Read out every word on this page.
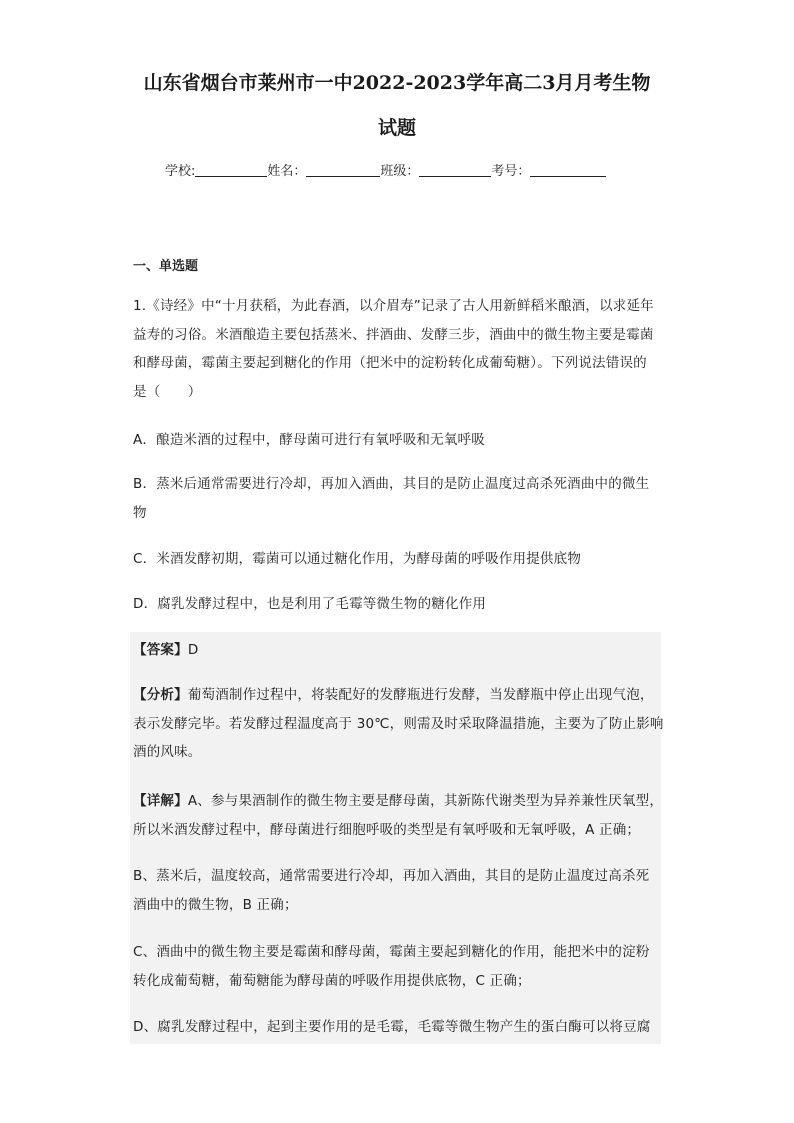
山东省烟台市莱州市一中2022-2023学年高二3月月考生物
试题
学校:	姓名：	班级：	考号：
一、单选题
1.《诗经》中“十月获稻，为此春酒，以介眉寿”记录了古人用新鲜稻米酿酒，以求延年
益寿的习俗。米酒酿造主要包括蒸米、拌酒曲、发酵三步，酒曲中的微生物主要是霉菌
和酵母菌，霉菌主要起到糖化的作用（把米中的淀粉转化成葡萄糖）。下列说法错误的
是（　　）
A．酿造米酒的过程中，酵母菌可进行有氧呼吸和无氧呼吸
B．蒸米后通常需要进行冷却，再加入酒曲，其目的是防止温度过高杀死酒曲中的微生
物
C．米酒发酵初期，霉菌可以通过糖化作用，为酵母菌的呼吸作用提供底物
D．腐乳发酵过程中，也是利用了毛霉等微生物的糖化作用
【答案】D
【分析】葡萄酒制作过程中，将装配好的发酵瓶进行发酵，当发酵瓶中停止出现气泡，
表示发酵完毕。若发酵过程温度高于 30℃，则需及时采取降温措施，主要为了防止影响
酒的风味。
【详解】A、参与果酒制作的微生物主要是酵母菌，其新陈代谢类型为异养兼性厌氧型，
所以米酒发酵过程中，酵母菌进行细胞呼吸的类型是有氧呼吸和无氧呼吸，A 正确；
B、蒸米后，温度较高，通常需要进行冷却，再加入酒曲，其目的是防止温度过高杀死
酒曲中的微生物，B 正确；
C、酒曲中的微生物主要是霉菌和酵母菌，霉菌主要起到糖化的作用，能把米中的淀粉
转化成葡萄糖，葡萄糖能为酵母菌的呼吸作用提供底物，C 正确；
D、腐乳发酵过程中，起到主要作用的是毛霉，毛霉等微生物产生的蛋白酶可以将豆腐
